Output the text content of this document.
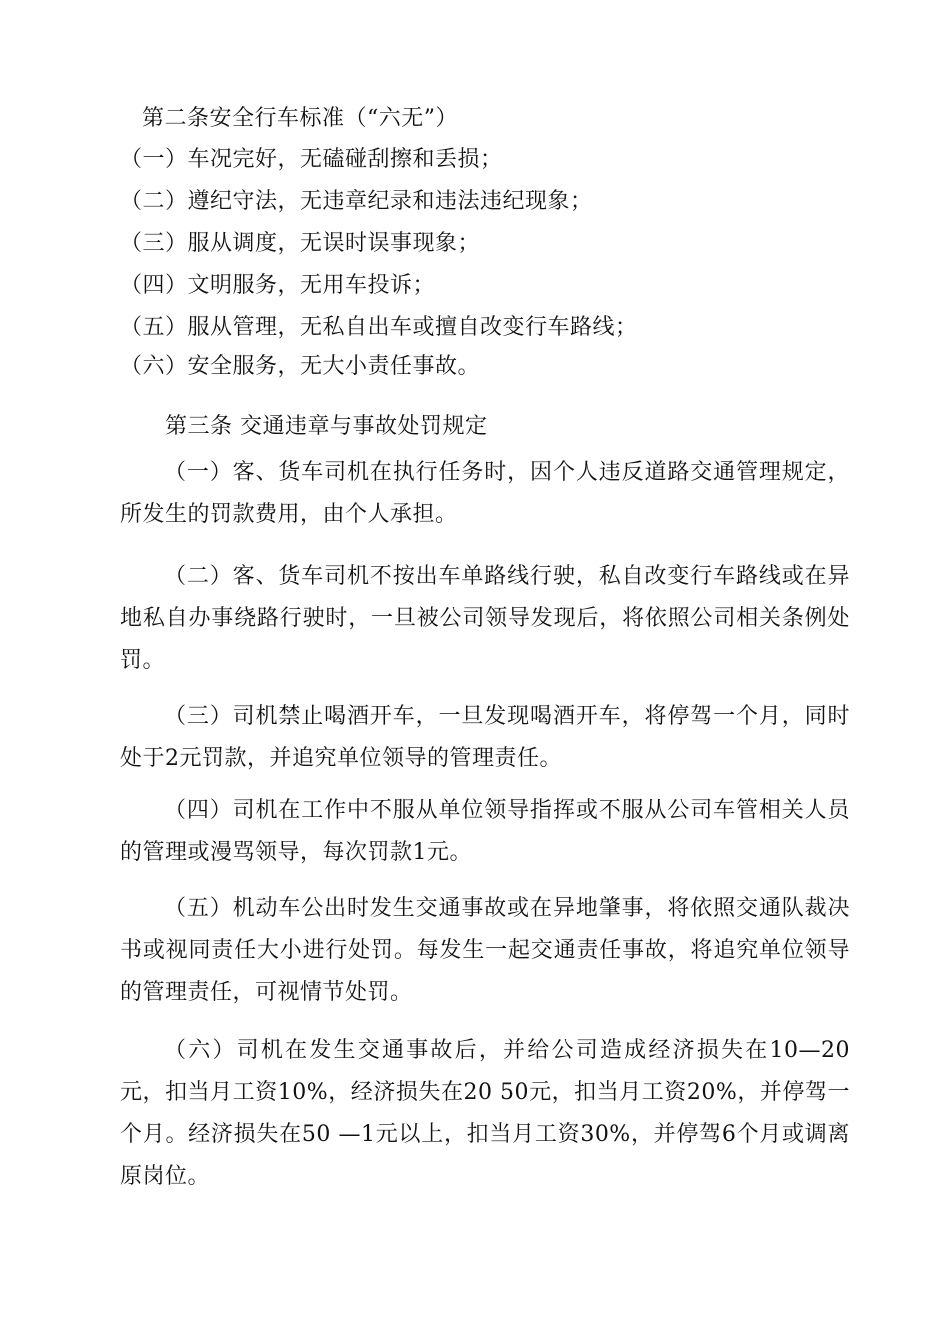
第二条安全行车标准（“六无”）
（一）车况完好，无磕碰刮擦和丢损；
（二）遵纪守法，无违章纪录和违法违纪现象；
（三）服从调度，无误时误事现象；
（四）文明服务，无用车投诉；
（五）服从管理，无私自出车或擅自改变行车路线；
（六）安全服务，无大小责任事故。
第三条 交通违章与事故处罚规定
（一）客、货车司机在执行任务时，因个人违反道路交通管理规定，所发生的罚款费用，由个人承担。
（二）客、货车司机不按出车单路线行驶，私自改变行车路线或在异地私自办事绕路行驶时，一旦被公司领导发现后，将依照公司相关条例处罚。
（三）司机禁止喝酒开车，一旦发现喝酒开车，将停驾一个月，同时处于2元罚款，并追究单位领导的管理责任。
（四）司机在工作中不服从单位领导指挥或不服从公司车管相关人员的管理或漫骂领导，每次罚款1元。
（五）机动车公出时发生交通事故或在异地肇事，将依照交通队裁决书或视同责任大小进行处罚。每发生一起交通责任事故，将追究单位领导的管理责任，可视情节处罚。
（六）司机在发生交通事故后，并给公司造成经济损失在10—20元，扣当月工资10%，经济损失在20 50元，扣当月工资20%，并停驾一个月。经济损失在50 —1元以上，扣当月工资30%，并停驾6个月或调离原岗位。
